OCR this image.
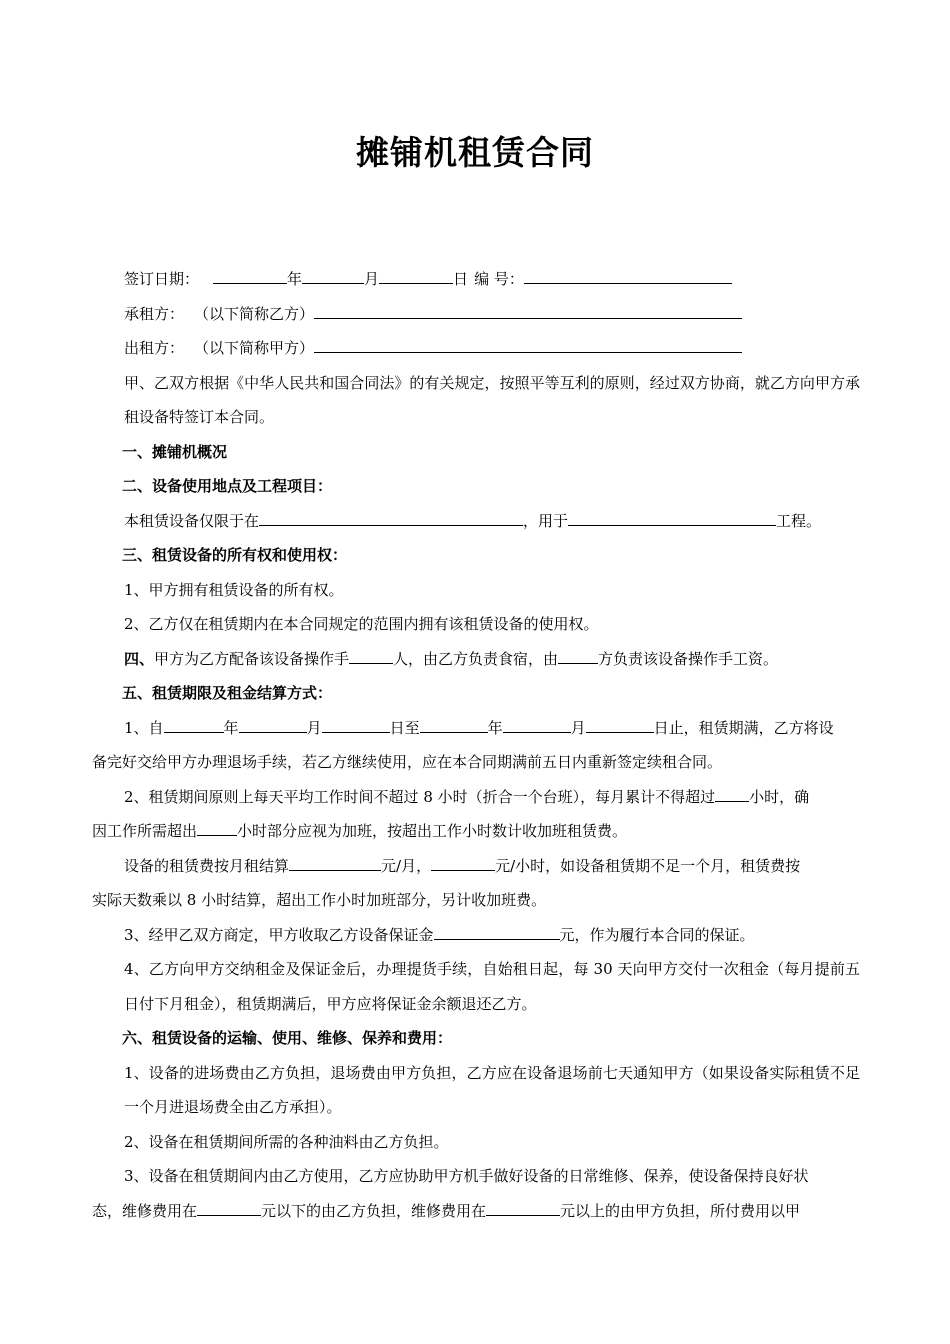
摊铺机租赁合同

签订日期：	年	月	日 编 号：

承租方： （以下简称乙方）

出租方： （以下简称甲方）

甲、乙双方根据《中华人民共和国合同法》的有关规定，按照平等互利的原则，经过双方协商，就乙方向甲方承租设备特签订本合同。

一、摊铺机概况

二、设备使用地点及工程项目：

本租赁设备仅限于在	，用于	工程。

三、租赁设备的所有权和使用权：

1、甲方拥有租赁设备的所有权。

2、乙方仅在租赁期内在本合同规定的范围内拥有该租赁设备的使用权。

四、甲方为乙方配备该设备操作手	人，由乙方负责食宿，由	方负责该设备操作手工资。

五、租赁期限及租金结算方式：

1、自	年	月	日至	年	月	日止，租赁期满，乙方将设

备完好交给甲方办理退场手续，若乙方继续使用，应在本合同期满前五日内重新签定续租合同。

2、租赁期间原则上每天平均工作时间不超过 8 小时（折合一个台班），每月累计不得超过 小时，确

因工作所需超出	小时部分应视为加班，按超出工作小时数计收加班租赁费。

设备的租赁费按月租结算	元/月，	元/小时，如设备租赁期不足一个月，租赁费按

实际天数乘以 8 小时结算，超出工作小时加班部分，另计收加班费。

3、经甲乙双方商定，甲方收取乙方设备保证金	元，作为履行本合同的保证。

4、乙方向甲方交纳租金及保证金后，办理提货手续，自始租日起，每 30 天向甲方交付一次租金（每月提前五日付下月租金），租赁期满后，甲方应将保证金余额退还乙方。

六、租赁设备的运输、使用、维修、保养和费用：

1、设备的进场费由乙方负担，退场费由甲方负担，乙方应在设备退场前七天通知甲方（如果设备实际租赁不足一个月进退场费全由乙方承担）。

2、设备在租赁期间所需的各种油料由乙方负担。

3、设备在租赁期间内由乙方使用，乙方应协助甲方机手做好设备的日常维修、保养，使设备保持良好状

态，维修费用在	元以下的由乙方负担，维修费用在	元以上的由甲方负担，所付费用以甲
